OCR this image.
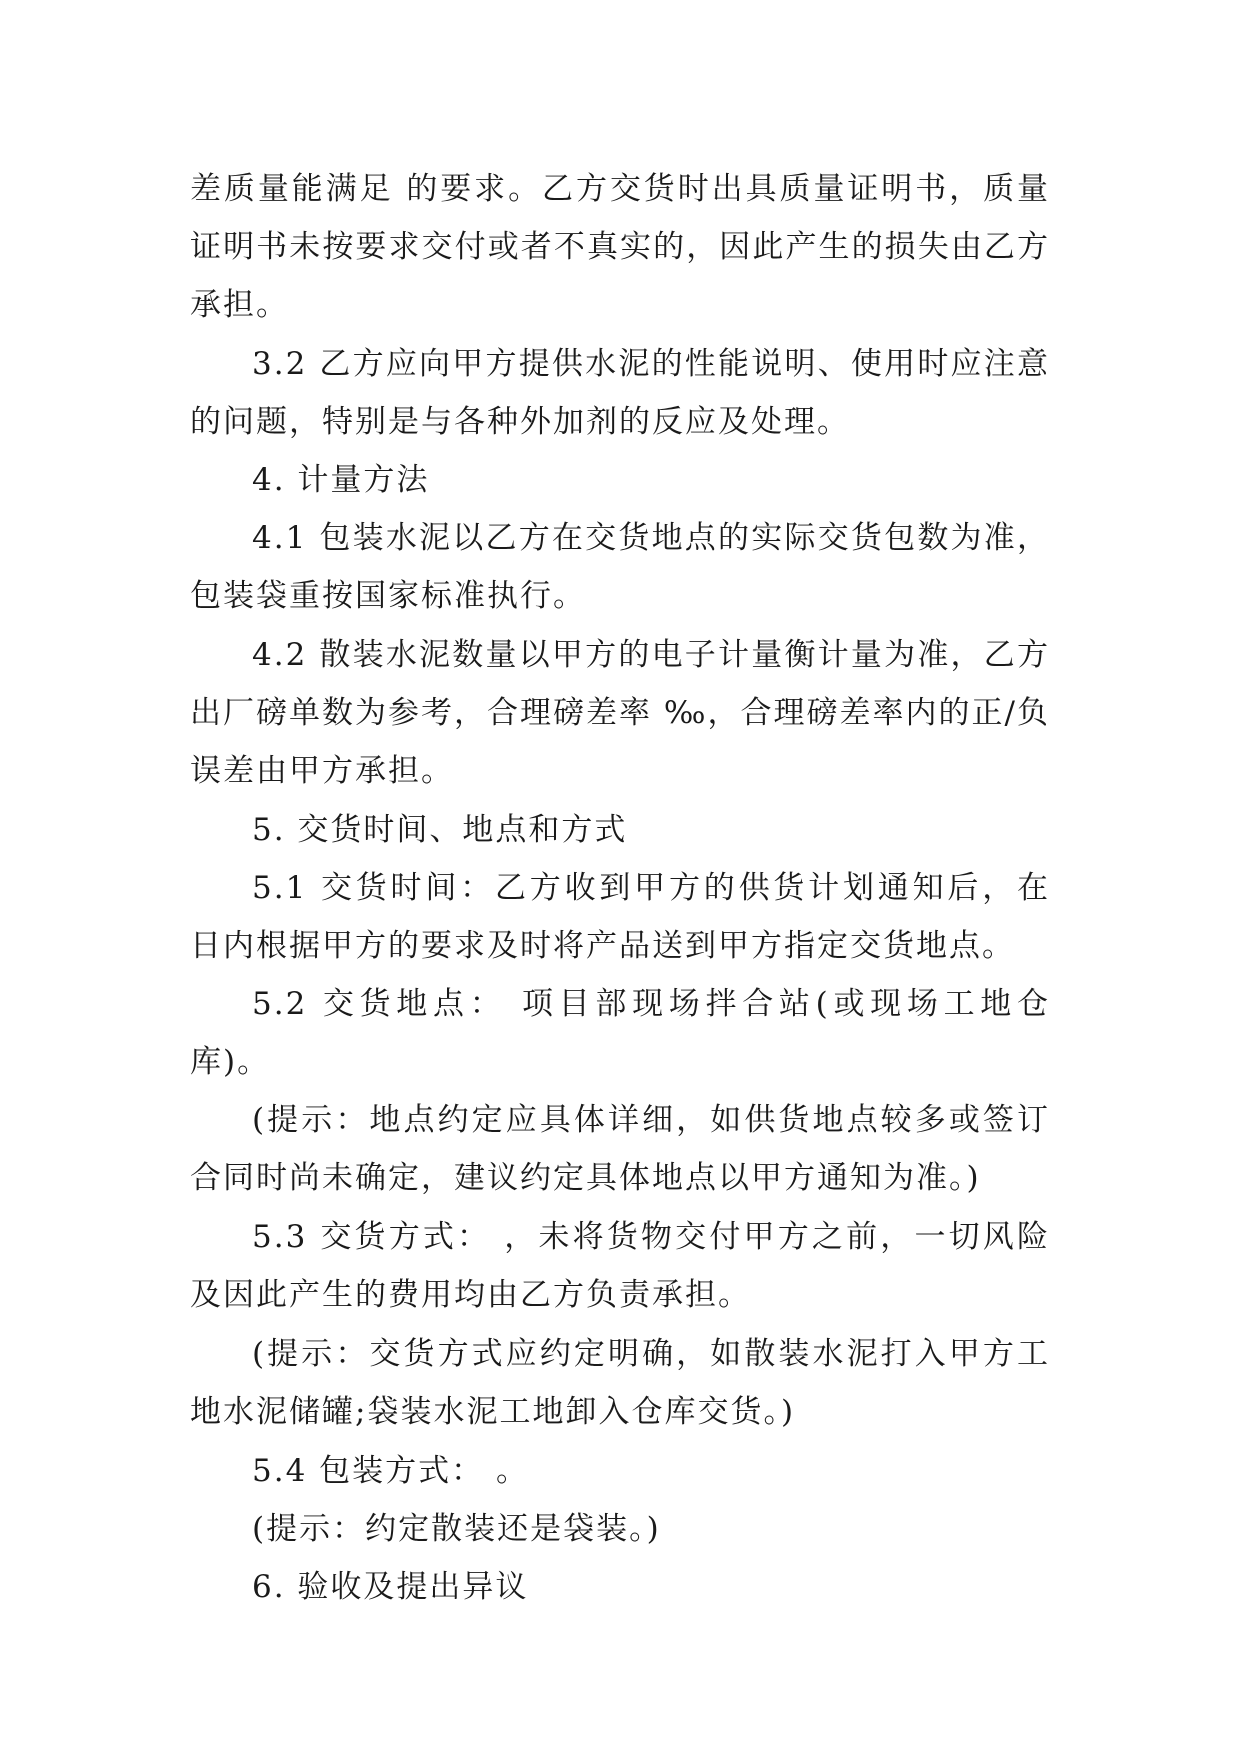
差质量能满足 的要求。乙方交货时出具质量证明书，质量证明书未按要求交付或者不真实的，因此产生的损失由乙方承担。

3.2 乙方应向甲方提供水泥的性能说明、使用时应注意的问题，特别是与各种外加剂的反应及处理。

4. 计量方法

4.1 包装水泥以乙方在交货地点的实际交货包数为准，包装袋重按国家标准执行。

4.2 散装水泥数量以甲方的电子计量衡计量为准，乙方出厂磅单数为参考，合理磅差率 ‰，合理磅差率内的正/负误差由甲方承担。

5. 交货时间、地点和方式

5.1 交货时间：乙方收到甲方的供货计划通知后，在 日内根据甲方的要求及时将产品送到甲方指定交货地点。

5.2 交货地点： 项目部现场拌合站(或现场工地仓库)。

(提示：地点约定应具体详细，如供货地点较多或签订合同时尚未确定，建议约定具体地点以甲方通知为准。)

5.3 交货方式： ，未将货物交付甲方之前，一切风险及因此产生的费用均由乙方负责承担。

(提示：交货方式应约定明确，如散装水泥打入甲方工地水泥储罐;袋装水泥工地卸入仓库交货。)

5.4 包装方式： 。

(提示：约定散装还是袋装。)

6. 验收及提出异议
